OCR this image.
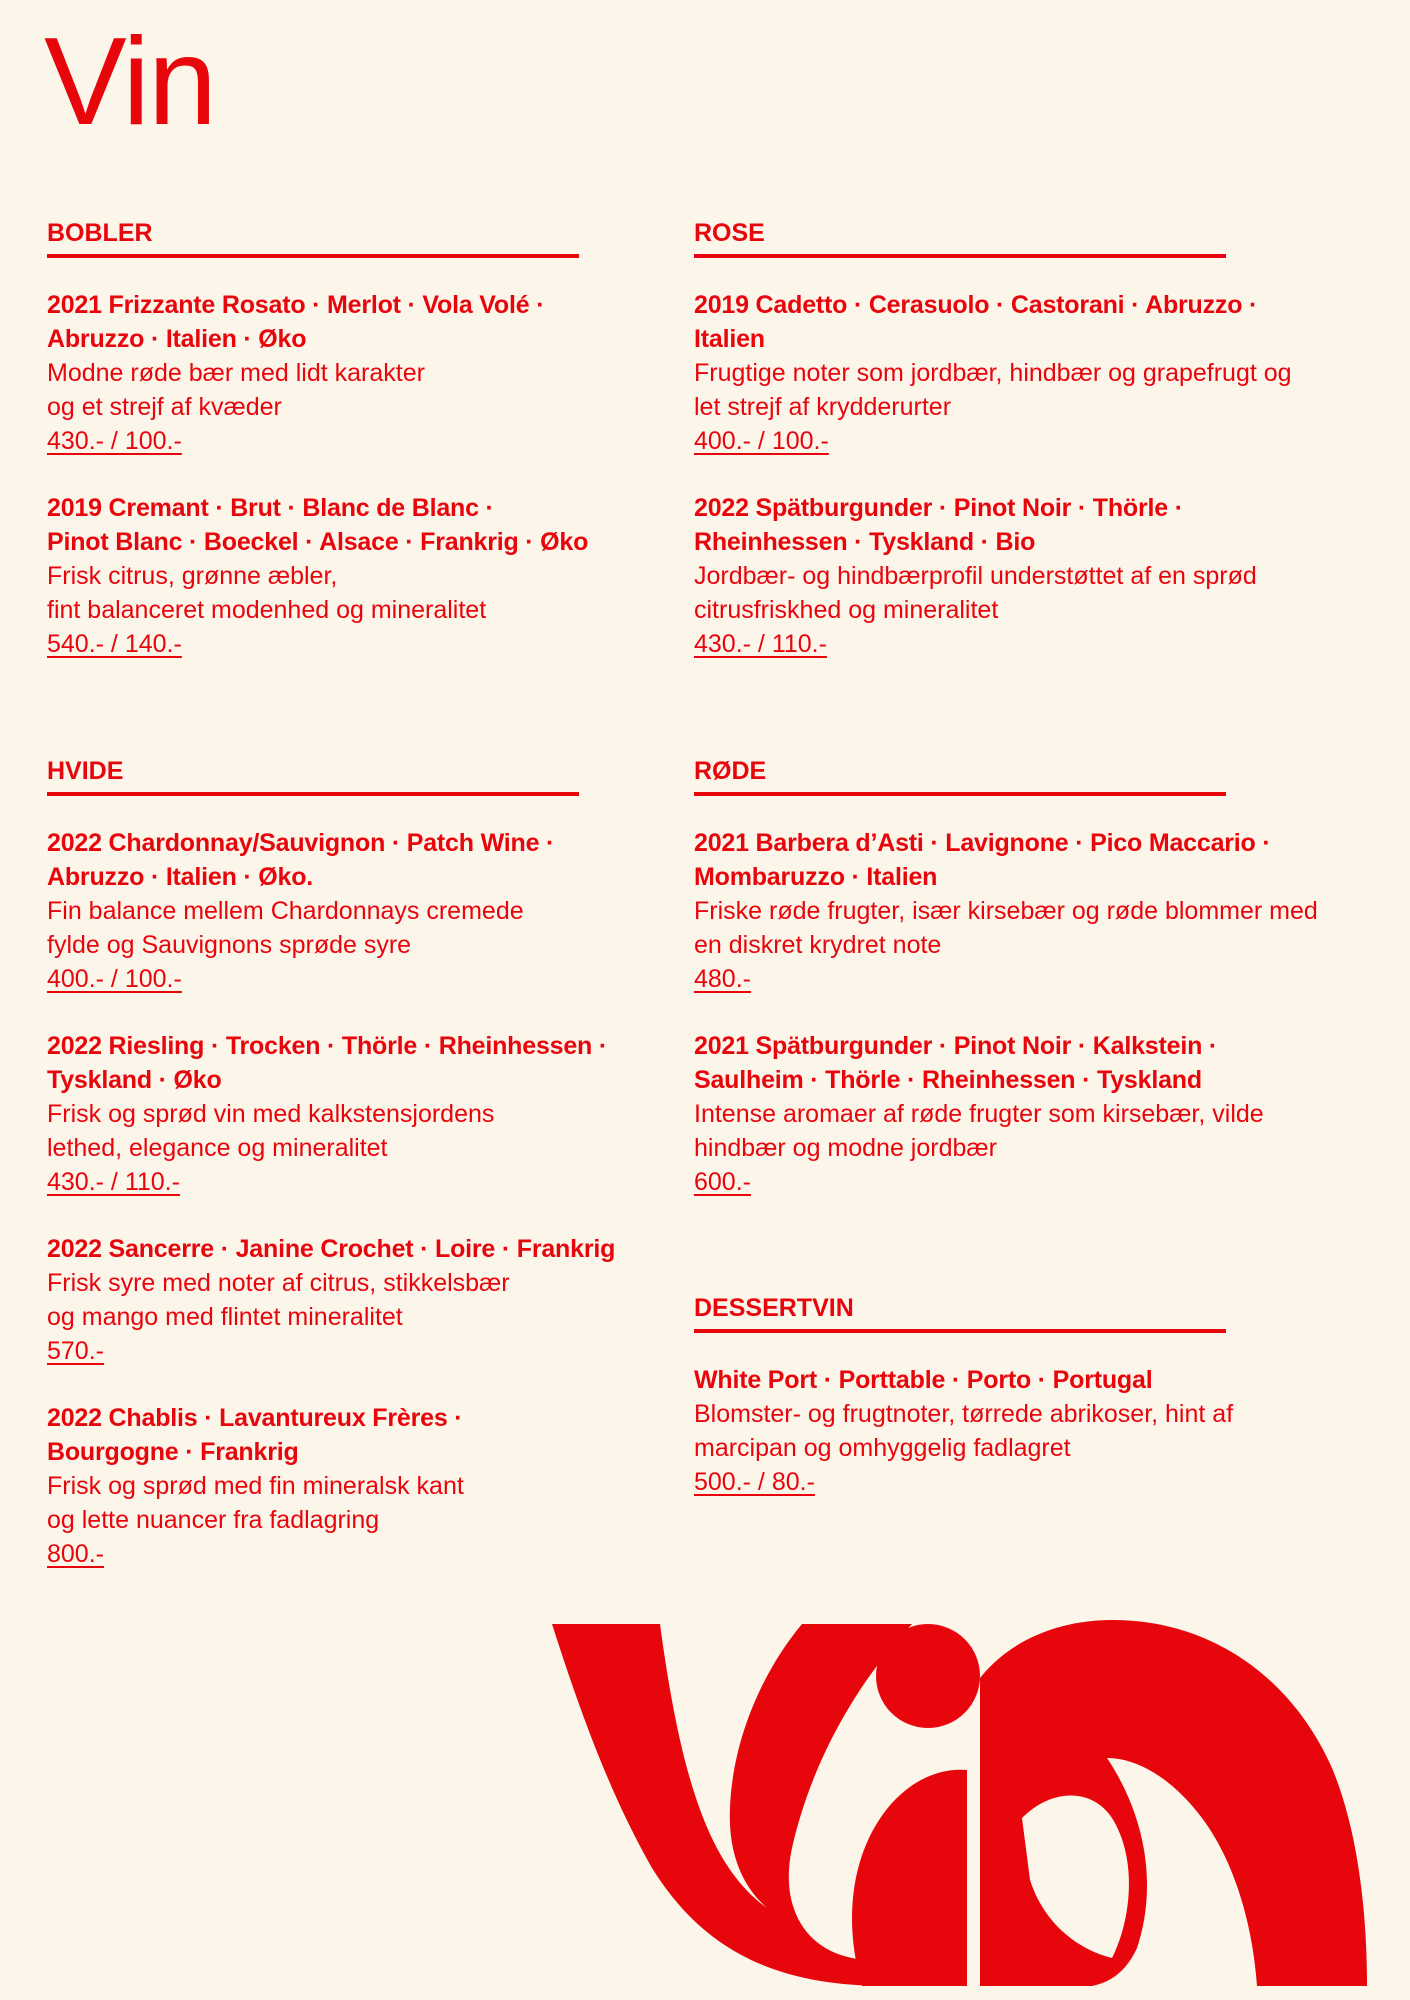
Vin
BOBLER
2021 Frizzante Rosato · Merlot · Vola Volé ·
Abruzzo · Italien · Øko
Modne røde bær med lidt karakter
og et strejf af kvæder
430.- / 100.-
2019 Cremant · Brut · Blanc de Blanc ·
Pinot Blanc · Boeckel · Alsace · Frankrig · Øko
Frisk citrus, grønne æbler,
fint balanceret modenhed og mineralitet
540.- / 140.-
ROSE
2019 Cadetto · Cerasuolo · Castorani · Abruzzo · Italien
Frugtige noter som jordbær, hindbær og grapefrugt og
let strejf af krydderurter
400.- / 100.-
2022 Spätburgunder · Pinot Noir · Thörle ·
Rheinhessen · Tyskland · Bio
Jordbær- og hindbærprofil understøttet af en sprød
citrusfriskhed og mineralitet
430.- / 110.-
HVIDE
2022 Chardonnay/Sauvignon · Patch Wine ·
Abruzzo · Italien · Øko.
Fin balance mellem Chardonnays cremede
fylde og Sauvignons sprøde syre
400.- / 100.-
2022 Riesling · Trocken · Thörle · Rheinhessen ·
Tyskland · Øko
Frisk og sprød vin med kalkstensjordens
lethed, elegance og mineralitet
430.- / 110.-
2022 Sancerre · Janine Crochet · Loire · Frankrig
Frisk syre med noter af citrus, stikkelsbær
og mango med flintet mineralitet
570.-
2022 Chablis · Lavantureux Frères ·
Bourgogne · Frankrig
Frisk og sprød med fin mineralsk kant
og lette nuancer fra fadlagring
800.-
RØDE
2021 Barbera d’Asti · Lavignone · Pico Maccario ·
Mombaruzzo · Italien
Friske røde frugter, især kirsebær og røde blommer med
en diskret krydret note
480.-
2021 Spätburgunder · Pinot Noir · Kalkstein ·
Saulheim · Thörle · Rheinhessen · Tyskland
Intense aromaer af røde frugter som kirsebær, vilde
hindbær og modne jordbær
600.-
DESSERTVIN
White Port · Porttable · Porto · Portugal
Blomster- og frugtnoter, tørrede abrikoser, hint af
marcipan og omhyggelig fadlagret
500.- / 80.-
